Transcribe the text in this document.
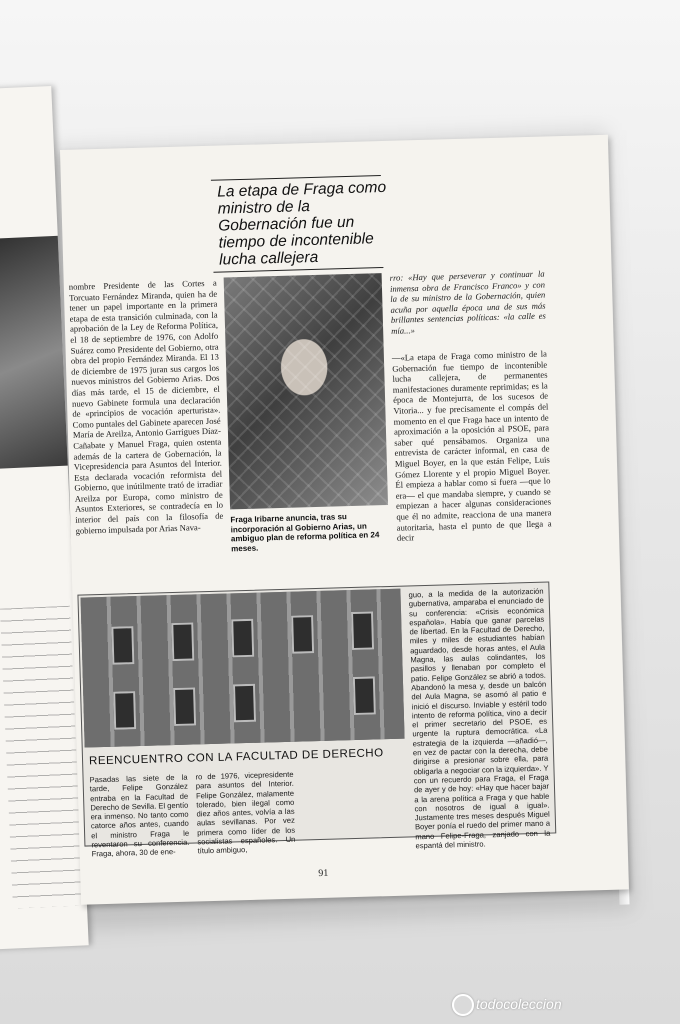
La etapa de Fraga como ministro de la Gobernación fue un tiempo de incontenible lucha callejera
nombre Presidente de las Cortes a Torcuato Fernández Miranda, quien ha de tener un papel importante en la primera etapa de esta transición culminada, con la aprobación de la Ley de Reforma Política, el 18 de septiembre de 1976, con Adolfo Suárez como Presidente del Gobierno, otra obra del propio Fernández Miranda. El 13 de diciembre de 1975 juran sus cargos los nuevos ministros del Gobierno Arias. Dos días más tarde, el 15 de diciembre, el nuevo Gabinete formula una declaración de «principios de vocación aperturista». Como puntales del Gabinete aparecen José María de Areilza, Antonio Garrigues Díaz-Cañabate y Manuel Fraga, quien ostenta además de la cartera de Gobernación, la Vicepresidencia para Asuntos del Interior. Esta declarada vocación reformista del Gobierno, que inútilmente trató de irradiar Areilza por Europa, como ministro de Asuntos Exteriores, se contradecía en lo interior del país con la filosofía de gobierno impulsada por Arias Nava-
Fraga Iribarne anuncia, tras su incorporación al Gobierno Arias, un ambiguo plan de reforma política en 24 meses.
rro: «Hay que perseverar y continuar la inmensa obra de Francisco Franco» y con la de su ministro de la Gobernación, quien acuña por aquella época una de sus más brillantes sentencias políticas: «la calle es mía...»
—«La etapa de Fraga como ministro de la Gobernación fue tiempo de incontenible lucha callejera, de permanentes manifestaciones duramente reprimidas; es la época de Montejurra, de los sucesos de Vitoria... y fue precisamente el compás del momento en el que Fraga hace un intento de aproximación a la oposición al PSOE, para saber qué pensábamos. Organiza una entrevista de carácter informal, en casa de Miguel Boyer, en la que están Felipe, Luis Gómez Llorente y el propio Miguel Boyer. Él empieza a hablar como si fuera —que lo era— el que mandaba siempre, y cuando se empiezan a hacer algunas consideraciones que él no admite, reacciona de una manera autoritaria, hasta el punto de que llega a decir
REENCUENTRO CON LA FACULTAD DE DERECHO
Pasadas las siete de la tarde, Felipe González entraba en la Facultad de Derecho de Sevilla. El gentío era inmenso. No tanto como catorce años antes, cuando el ministro Fraga le reventaron su conferencia. Fraga, ahora, 30 de ene-
ro de 1976, vicepresidente para asuntos del Interior. Felipe González, malamente tolerado, bien ilegal como diez años antes, volvía a las aulas sevillanas. Por vez primera como líder de los socialistas españoles. Un título ambiguo,
guo, a la medida de la autorización gubernativa, amparaba el enunciado de su conferencia: «Crisis económica española». Había que ganar parcelas de libertad. En la Facultad de Derecho, miles y miles de estudiantes habían aguardado, desde horas antes, el Aula Magna, las aulas colindantes, los pasillos y llenaban por completo el patio. Felipe González se abrió a todos. Abandonó la mesa y, desde un balcón del Aula Magna, se asomó al patio e inició el discurso. Inviable y estéril todo intento de reforma política, vino a decir el primer secretario del PSOE, es urgente la ruptura democrática. «La estrategia de la izquierda —añadió—, en vez de pactar con la derecha, debe dirigirse a presionar sobre ella, para obligarla a negociar con la izquierda». Y con un recuerdo para Fraga, el Fraga de ayer y de hoy: «Hay que hacer bajar a la arena política a Fraga y que hable con nosotros de igual a igual». Justamente tres meses después Miguel Boyer ponía el ruedo del primer mano a mano Felipe-Fraga, zanjado con la espantá del ministro.
91
todocoleccion
